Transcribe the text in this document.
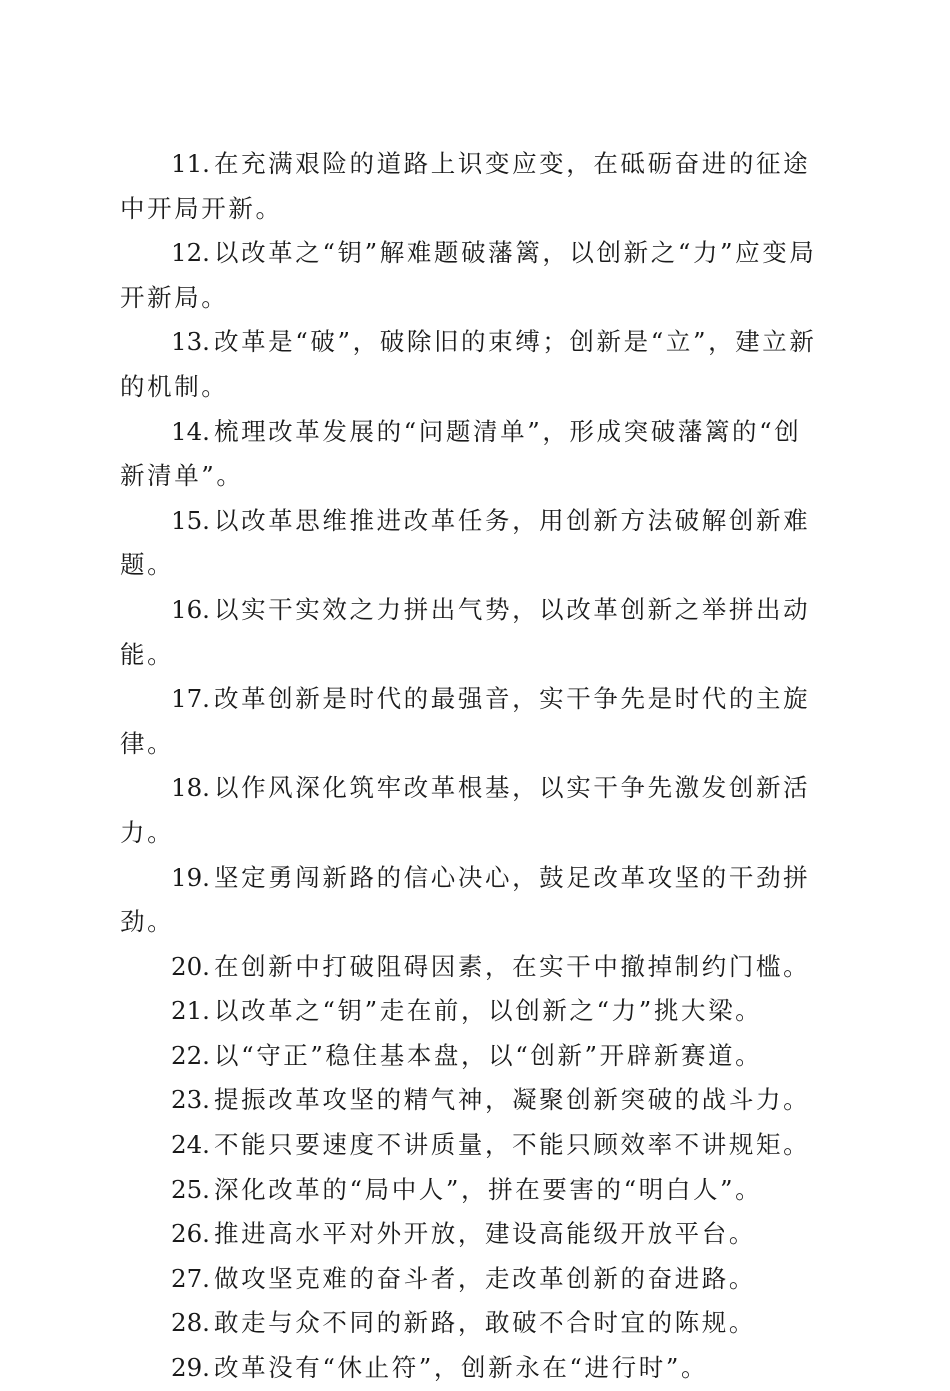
11. 在充满艰险的道路上识变应变，在砥砺奋进的征途中开局开新。

12. 以改革之“钥”解难题破藩篱，以创新之“力”应变局开新局。

13. 改革是“破”，破除旧的束缚；创新是“立”，建立新的机制。

14. 梳理改革发展的“问题清单”，形成突破藩篱的“创新清单”。

15. 以改革思维推进改革任务，用创新方法破解创新难题。

16. 以实干实效之力拼出气势，以改革创新之举拼出动能。

17. 改革创新是时代的最强音，实干争先是时代的主旋律。

18. 以作风深化筑牢改革根基，以实干争先激发创新活力。

19. 坚定勇闯新路的信心决心，鼓足改革攻坚的干劲拼劲。

20. 在创新中打破阻碍因素，在实干中撤掉制约门槛。

21. 以改革之“钥”走在前，以创新之“力”挑大梁。

22. 以“守正”稳住基本盘，以“创新”开辟新赛道。

23. 提振改革攻坚的精气神，凝聚创新突破的战斗力。

24. 不能只要速度不讲质量，不能只顾效率不讲规矩。

25. 深化改革的“局中人”，拼在要害的“明白人”。

26. 推进高水平对外开放，建设高能级开放平台。

27. 做攻坚克难的奋斗者，走改革创新的奋进路。

28. 敢走与众不同的新路，敢破不合时宜的陈规。

29. 改革没有“休止符”，创新永在“进行时”。
